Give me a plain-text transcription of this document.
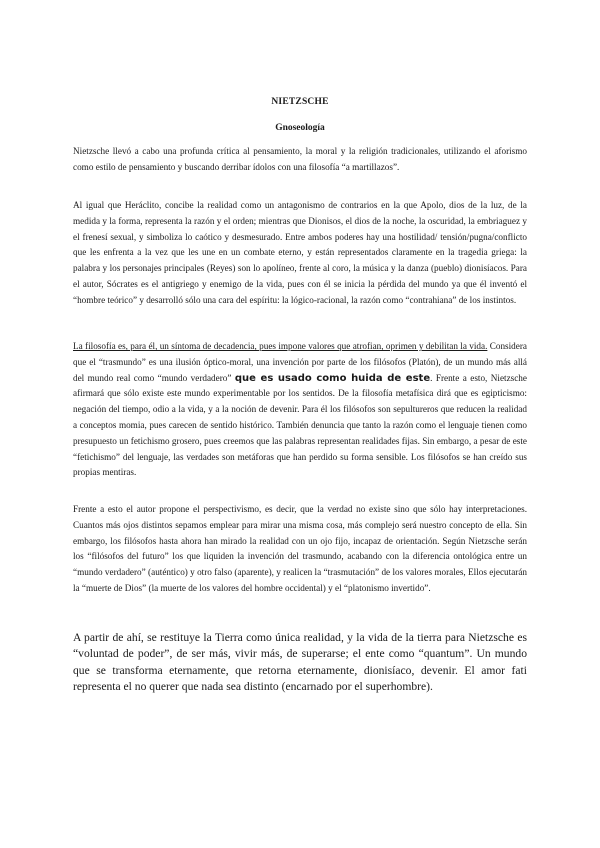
NIETZSCHE
Gnoseología

Nietzsche llevó a cabo una profunda crítica al pensamiento, la moral y la religión tradicionales, utilizando el aforismo como estilo de pensamiento y buscando derribar ídolos con una filosofía “a martillazos”.

Al igual que Heráclito, concibe la realidad como un antagonismo de contrarios en la que Apolo, dios de la luz, de la medida y la forma, representa la razón y el orden; mientras que Dionisos, el dios de la noche, la oscuridad, la embriaguez y el frenesí sexual, y simboliza lo caótico y desmesurado. Entre ambos poderes hay una hostilidad/ tensión/pugna/conflicto que les enfrenta a la vez que les une en un combate eterno, y están representados claramente en la tragedia griega: la palabra y los personajes principales (Reyes) son lo apolíneo, frente al coro, la música y la danza (pueblo) dionisíacos. Para el autor, Sócrates es el antigriego y enemigo de la vida, pues con él se inicia la pérdida del mundo ya que él inventó el “hombre teórico” y desarrolló sólo una cara del espíritu: la lógico-racional, la razón como “contrahiana” de los instintos.

La filosofía es, para él, un síntoma de decadencia, pues impone valores que atrofian, oprimen y debilitan la vida. Considera que el “trasmundo” es una ilusión óptico-moral, una invención por parte de los filósofos (Platón), de un mundo más allá del mundo real como “mundo verdadero” que es usado como huida de este. Frente a esto, Nietzsche afirmará que sólo existe este mundo experimentable por los sentidos. De la filosofía metafísica dirá que es egipticismo: negación del tiempo, odio a la vida, y a la noción de devenir. Para él los filósofos son sepultureros que reducen la realidad a conceptos momia, pues carecen de sentido histórico. También denuncia que tanto la razón como el lenguaje tienen como presupuesto un fetichismo grosero, pues creemos que las palabras representan realidades fijas. Sin embargo, a pesar de este “fetichismo” del lenguaje, las verdades son metáforas que han perdido su forma sensible. Los filósofos se han creído sus propias mentiras.

Frente a esto el autor propone el perspectivismo, es decir, que la verdad no existe sino que sólo hay interpretaciones. Cuantos más ojos distintos sepamos emplear para mirar una misma cosa, más complejo será nuestro concepto de ella. Sin embargo, los filósofos hasta ahora han mirado la realidad con un ojo fijo, incapaz de orientación. Según Nietzsche serán los “filósofos del futuro” los que liquiden la invención del trasmundo, acabando con la diferencia ontológica entre un “mundo verdadero” (auténtico) y otro falso (aparente), y realicen la “trasmutación” de los valores morales, Ellos ejecutarán la “muerte de Dios” (la muerte de los valores del hombre occidental) y el “platonismo invertido”.

A partir de ahí, se restituye la Tierra como única realidad, y la vida de la tierra para Nietzsche es “voluntad de poder”, de ser más, vivir más, de superarse; el ente como “quantum”. Un mundo que se transforma eternamente, que retorna eternamente, dionisíaco, devenir. El amor fati representa el no querer que nada sea distinto (encarnado por el superhombre).
